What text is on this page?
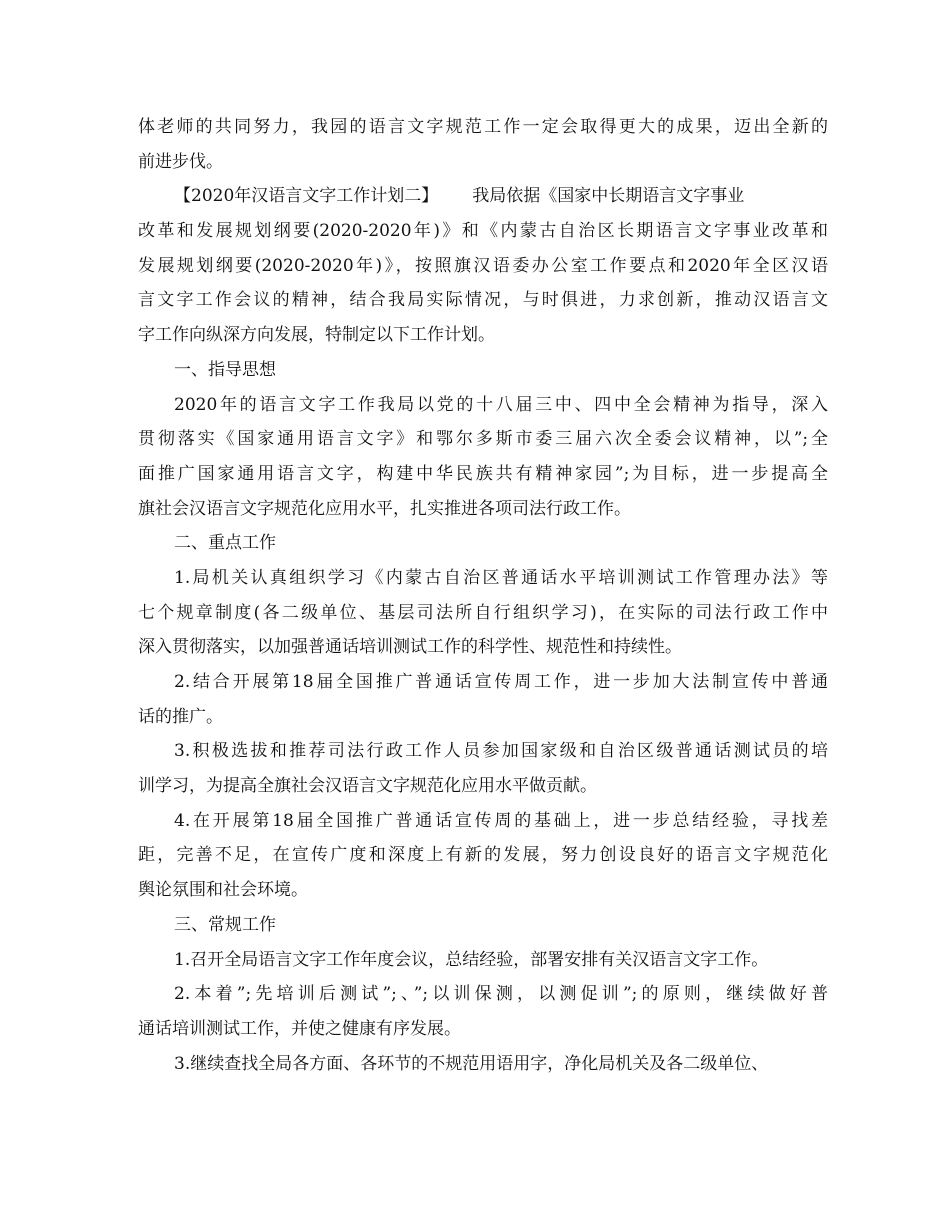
体老师的共同努力，我园的语言文字规范工作一定会取得更大的成果，迈出全新的
前进步伐。
【2020年汉语言文字工作计划二】 我局依据《国家中长期语言文字事业
改革和发展规划纲要(2020-2020年)》和《内蒙古自治区长期语言文字事业改革和
发展规划纲要(2020-2020年)》，按照旗汉语委办公室工作要点和2020年全区汉语
言文字工作会议的精神，结合我局实际情况，与时俱进，力求创新，推动汉语言文
字工作向纵深方向发展，特制定以下工作计划。
一、指导思想
2020年的语言文字工作我局以党的十八届三中、四中全会精神为指导，深入
贯彻落实《国家通用语言文字》和鄂尔多斯市委三届六次全委会议精神，以”;全
面推广国家通用语言文字，构建中华民族共有精神家园”;为目标，进一步提高全
旗社会汉语言文字规范化应用水平，扎实推进各项司法行政工作。
二、重点工作
1.局机关认真组织学习《内蒙古自治区普通话水平培训测试工作管理办法》等
七个规章制度(各二级单位、基层司法所自行组织学习)，在实际的司法行政工作中
深入贯彻落实，以加强普通话培训测试工作的科学性、规范性和持续性。
2.结合开展第18届全国推广普通话宣传周工作，进一步加大法制宣传中普通
话的推广。
3.积极选拔和推荐司法行政工作人员参加国家级和自治区级普通话测试员的培
训学习，为提高全旗社会汉语言文字规范化应用水平做贡献。
4.在开展第18届全国推广普通话宣传周的基础上，进一步总结经验，寻找差
距，完善不足，在宣传广度和深度上有新的发展，努力创设良好的语言文字规范化
舆论氛围和社会环境。
三、常规工作
1.召开全局语言文字工作年度会议，总结经验，部署安排有关汉语言文字工作。
2.本着”;先培训后测试”;、”;以训保测，以测促训”;的原则，继续做好普
通话培训测试工作，并使之健康有序发展。
3.继续查找全局各方面、各环节的不规范用语用字，净化局机关及各二级单位、
